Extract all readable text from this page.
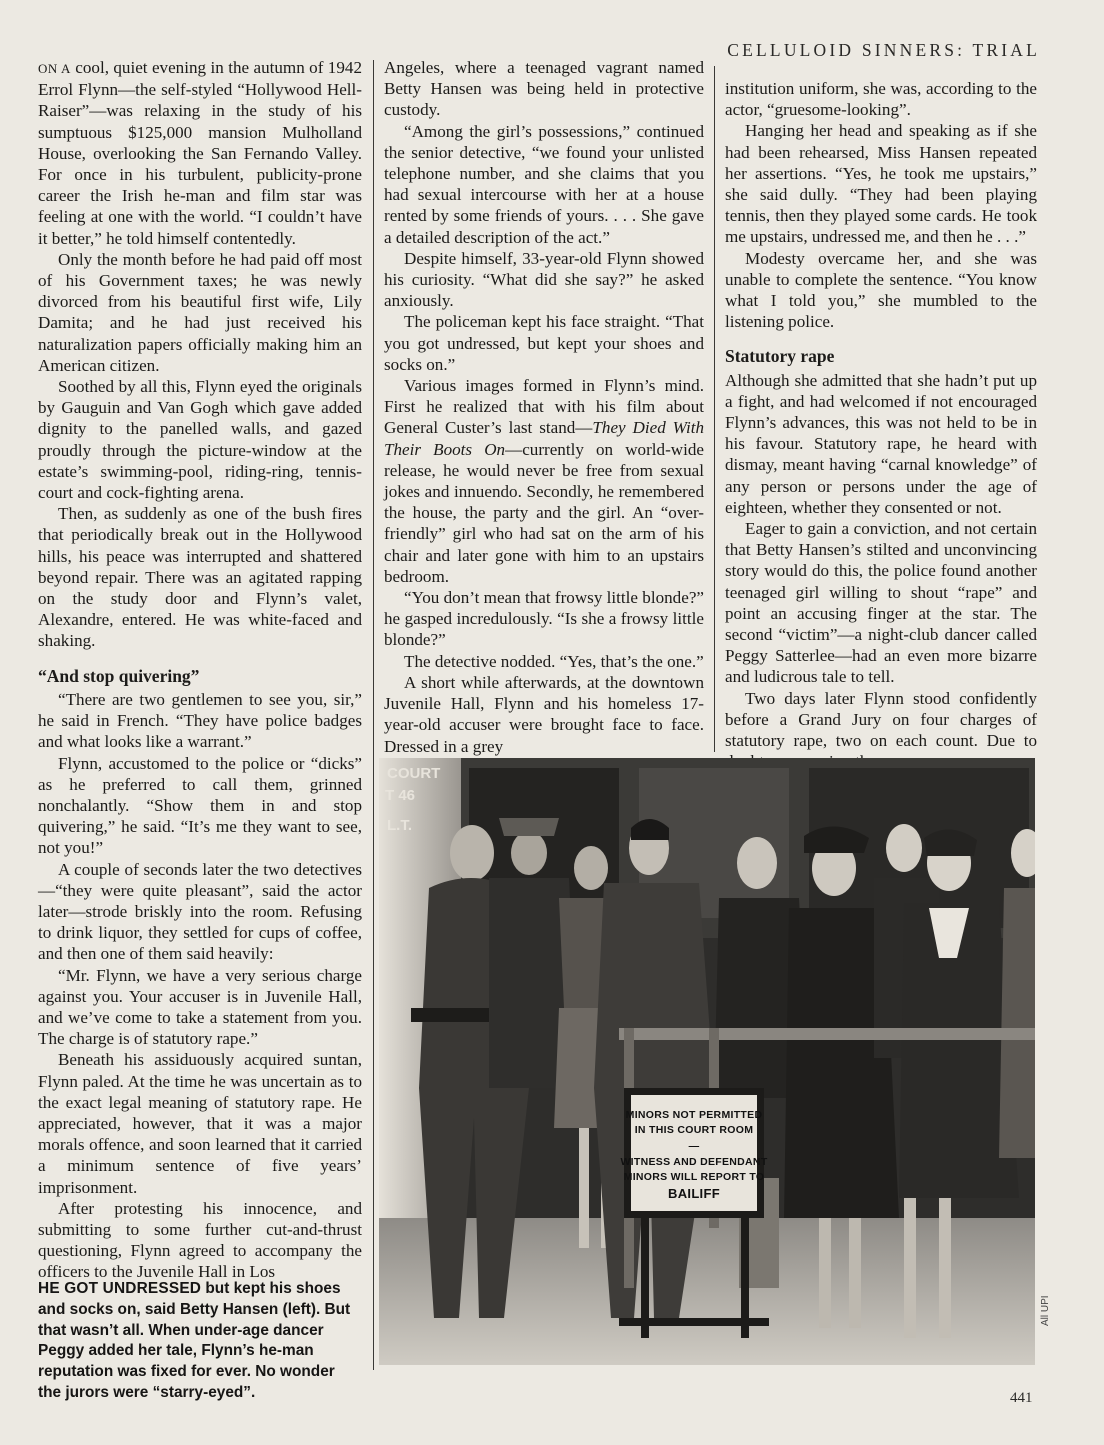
CELLULOID SINNERS: TRIAL

ON A cool, quiet evening in the autumn of 1942 Errol Flynn—the self-styled “Hollywood Hell-Raiser”—was relaxing in the study of his sumptuous $125,000 mansion Mulholland House, overlooking the San Fernando Valley. For once in his turbulent, publicity-prone career the Irish he-man and film star was feeling at one with the world. “I couldn’t have it better,” he told himself contentedly.

Only the month before he had paid off most of his Government taxes; he was newly divorced from his beautiful first wife, Lily Damita; and he had just received his naturalization papers officially making him an American citizen.

Soothed by all this, Flynn eyed the originals by Gauguin and Van Gogh which gave added dignity to the panelled walls, and gazed proudly through the picture-window at the estate’s swimming-pool, riding-ring, tennis-court and cock-fighting arena.

Then, as suddenly as one of the bush fires that periodically break out in the Hollywood hills, his peace was interrupted and shattered beyond repair. There was an agitated rapping on the study door and Flynn’s valet, Alexandre, entered. He was white-faced and shaking.

“And stop quivering”

“There are two gentlemen to see you, sir,” he said in French. “They have police badges and what looks like a warrant.”

Flynn, accustomed to the police or “dicks” as he preferred to call them, grinned nonchalantly. “Show them in and stop quivering,” he said. “It’s me they want to see, not you!”

A couple of seconds later the two detectives—“they were quite pleasant”, said the actor later—strode briskly into the room. Refusing to drink liquor, they settled for cups of coffee, and then one of them said heavily:

“Mr. Flynn, we have a very serious charge against you. Your accuser is in Juvenile Hall, and we’ve come to take a statement from you. The charge is of statutory rape.”

Beneath his assiduously acquired suntan, Flynn paled. At the time he was uncertain as to the exact legal meaning of statutory rape. He appreciated, however, that it was a major morals offence, and soon learned that it carried a minimum sentence of five years’ imprisonment.

After protesting his innocence, and submitting to some further cut-and-thrust questioning, Flynn agreed to accompany the officers to the Juvenile Hall in Los

Angeles, where a teenaged vagrant named Betty Hansen was being held in protective custody.

“Among the girl’s possessions,” continued the senior detective, “we found your unlisted telephone number, and she claims that you had sexual intercourse with her at a house rented by some friends of yours. . . . She gave a detailed description of the act.”

Despite himself, 33-year-old Flynn showed his curiosity. “What did she say?” he asked anxiously.

The policeman kept his face straight. “That you got undressed, but kept your shoes and socks on.”

Various images formed in Flynn’s mind. First he realized that with his film about General Custer’s last stand—They Died With Their Boots On—currently on world-wide release, he would never be free from sexual jokes and innuendo. Secondly, he remembered the house, the party and the girl. An “over-friendly” girl who had sat on the arm of his chair and later gone with him to an upstairs bedroom.

“You don’t mean that frowsy little blonde?” he gasped incredulously. “Is she a frowsy little blonde?”

The detective nodded. “Yes, that’s the one.”

A short while afterwards, at the downtown Juvenile Hall, Flynn and his homeless 17-year-old accuser were brought face to face. Dressed in a grey

institution uniform, she was, according to the actor, “gruesome-looking”.

Hanging her head and speaking as if she had been rehearsed, Miss Hansen repeated her assertions. “Yes, he took me upstairs,” she said dully. “They had been playing tennis, then they played some cards. He took me upstairs, undressed me, and then he . . .”

Modesty overcame her, and she was unable to complete the sentence. “You know what I told you,” she mumbled to the listening police.

Statutory rape

Although she admitted that she hadn’t put up a fight, and had welcomed if not encouraged Flynn’s advances, this was not held to be in his favour. Statutory rape, he heard with dismay, meant having “carnal knowledge” of any person or persons under the age of eighteen, whether they consented or not.

Eager to gain a conviction, and not certain that Betty Hansen’s stilted and unconvincing story would do this, the police found another teenaged girl willing to shout “rape” and point an accusing finger at the star. The second “victim”—a night-club dancer called Peggy Satterlee—had an even more bizarre and ludicrous tale to tell.

Two days later Flynn stood confidently before a Grand Jury on four charges of statutory rape, two on each count. Due to

HE GOT UNDRESSED but kept his shoes and socks on, said Betty Hansen (left). But that wasn’t all. When under-age dancer Peggy added her tale, Flynn’s he-man reputation was fixed for ever. No wonder the jurors were “starry-eyed”.
COURT
T 46
L.T.
MINORS NOT PERMITTED
IN THIS COURT ROOM
—
WITNESS AND DEFENDANT
MINORS WILL REPORT TO
BAILIFF
All UPI
441
